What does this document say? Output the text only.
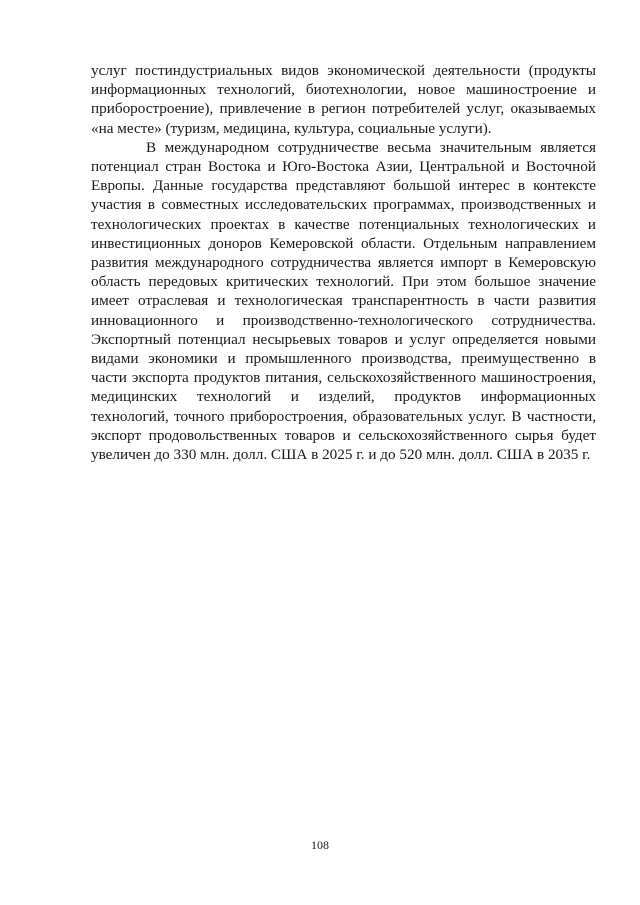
услуг постиндустриальных видов экономической деятельности (продукты информационных технологий, биотехнологии, новое машиностроение и приборостроение), привлечение в регион потребителей услуг, оказываемых «на месте» (туризм, медицина, культура, социальные услуги).

В международном сотрудничестве весьма значительным является потенциал стран Востока и Юго-Востока Азии, Центральной и Восточной Европы. Данные государства представляют большой интерес в контексте участия в совместных исследовательских программах, производственных и технологических проектах в качестве потенциальных технологических и инвестиционных доноров Кемеровской области. Отдельным направлением развития международного сотрудничества является импорт в Кемеровскую область передовых критических технологий. При этом большое значение имеет отраслевая и технологическая транспарентность в части развития инновационного и производственно-технологического сотрудничества. Экспортный потенциал несырьевых товаров и услуг определяется новыми видами экономики и промышленного производства, преимущественно в части экспорта продуктов питания, сельскохозяйственного машиностроения, медицинских технологий и изделий, продуктов информационных технологий, точного приборостроения, образовательных услуг. В частности, экспорт продовольственных товаров и сельскохозяйственного сырья будет увеличен до 330 млн. долл. США в 2025 г. и до 520 млн. долл. США в 2035 г.

108
